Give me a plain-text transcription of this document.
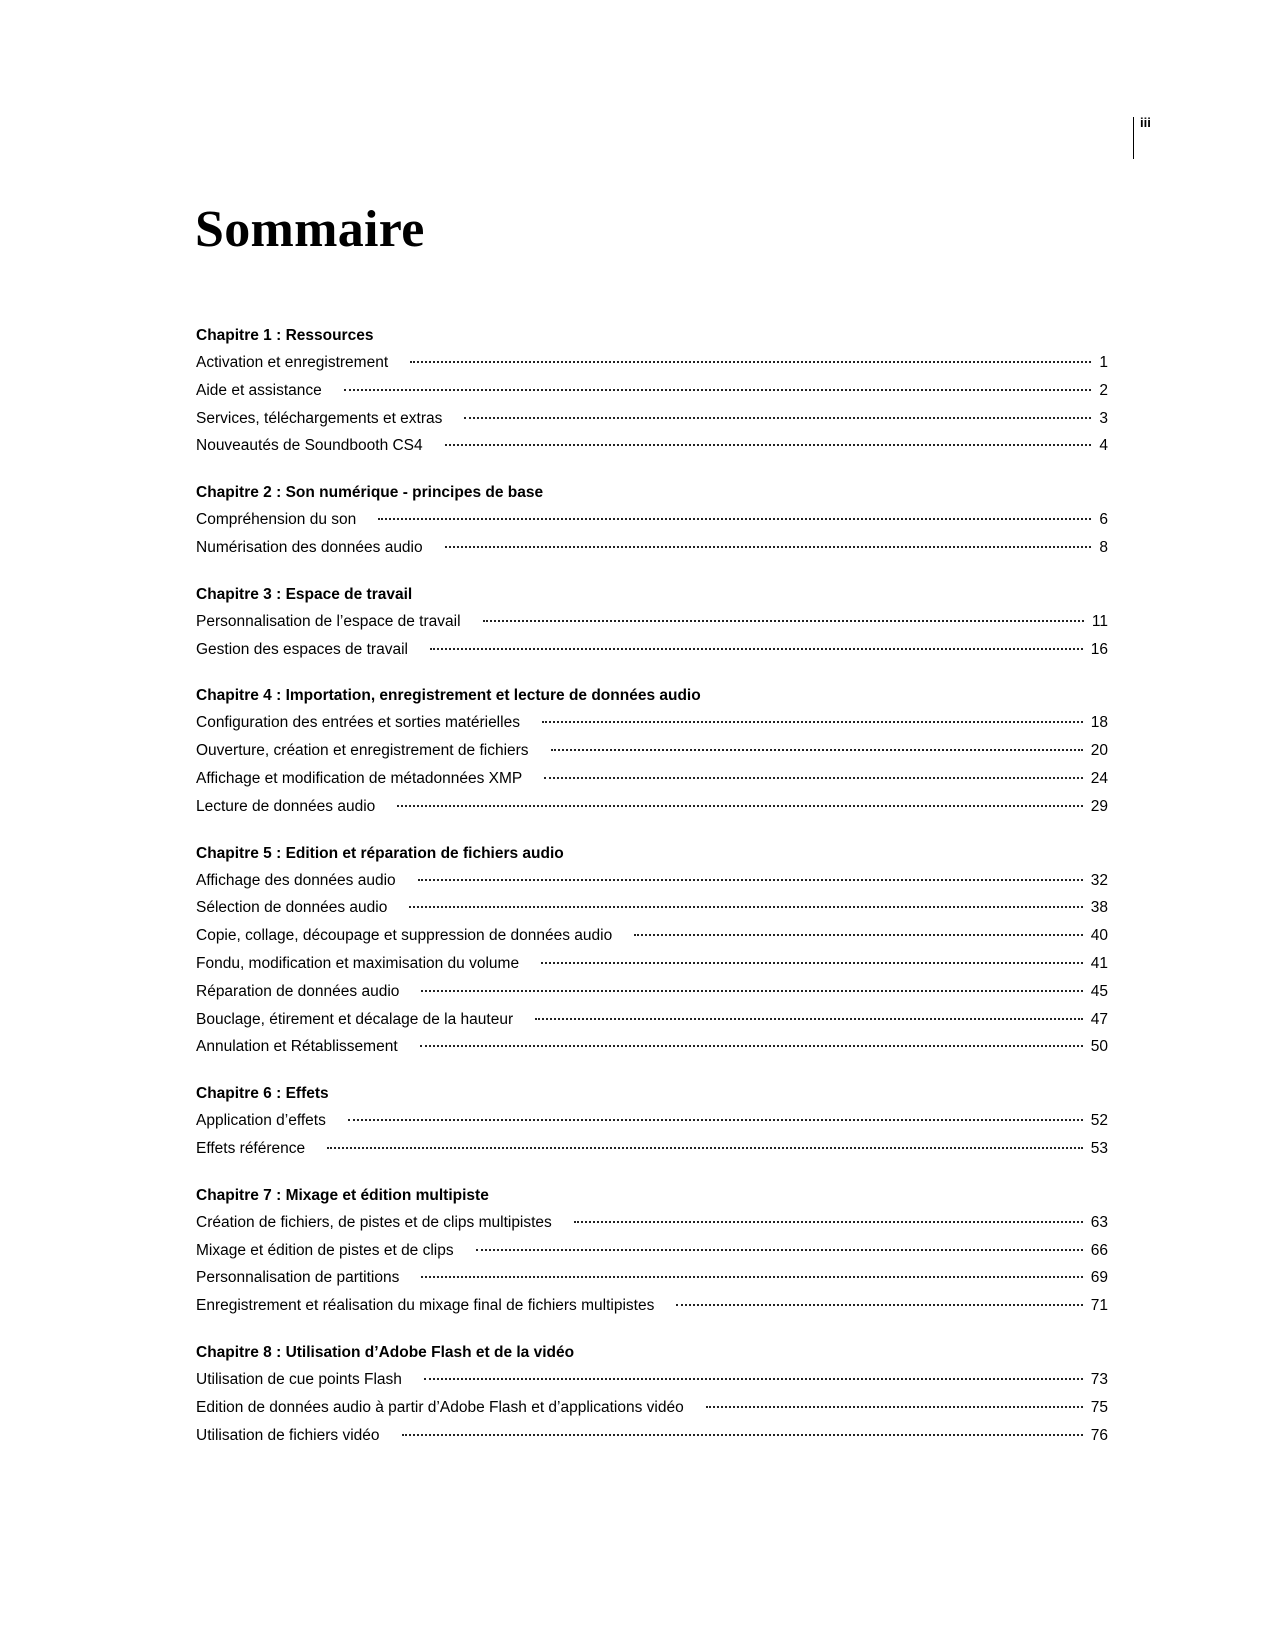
iii
Sommaire
Chapitre 1 : Ressources
Activation et enregistrement	1
Aide et assistance	2
Services, téléchargements et extras	3
Nouveautés de Soundbooth CS4	4
Chapitre 2 : Son numérique - principes de base
Compréhension du son	6
Numérisation des données audio	8
Chapitre 3 : Espace de travail
Personnalisation de l’espace de travail	11
Gestion des espaces de travail	16
Chapitre 4 : Importation, enregistrement et lecture de données audio
Configuration des entrées et sorties matérielles	18
Ouverture, création et enregistrement de fichiers	20
Affichage et modification de métadonnées XMP	24
Lecture de données audio	29
Chapitre 5 : Edition et réparation de fichiers audio
Affichage des données audio	32
Sélection de données audio	38
Copie, collage, découpage et suppression de données audio	40
Fondu, modification et maximisation du volume	41
Réparation de données audio	45
Bouclage, étirement et décalage de la hauteur	47
Annulation et Rétablissement	50
Chapitre 6 : Effets
Application d’effets	52
Effets référence	53
Chapitre 7 : Mixage et édition multipiste
Création de fichiers, de pistes et de clips multipistes	63
Mixage et édition de pistes et de clips	66
Personnalisation de partitions	69
Enregistrement et réalisation du mixage final de fichiers multipistes	71
Chapitre 8 : Utilisation d’Adobe Flash et de la vidéo
Utilisation de cue points Flash	73
Edition de données audio à partir d’Adobe Flash et d’applications vidéo	75
Utilisation de fichiers vidéo	76
